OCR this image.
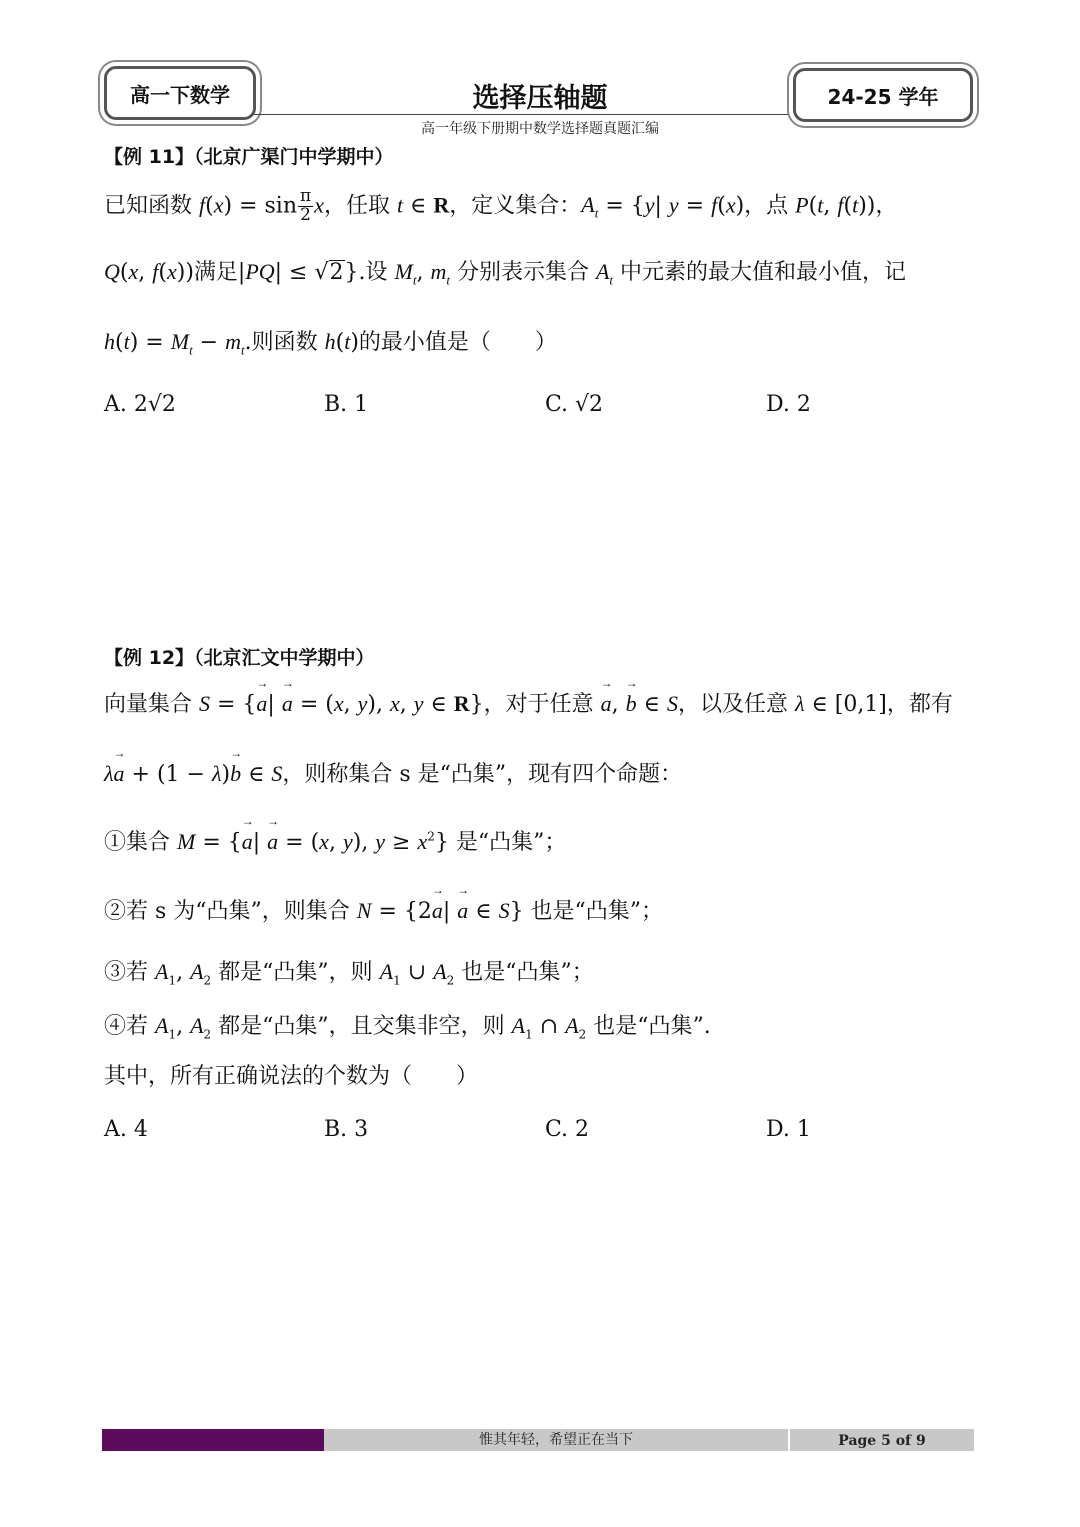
高一下数学	选择压轴题	24-25 学年
高一年级下册期中数学选择题真题汇编
【例 11】（北京广渠门中学期中）
已知函数 $f(x) = \sin \frac{\pi}{2}$ x，任取 t ∈ R，定义集合：$A_t = \{y|$ y = f(x)，点 P(t, f(t))，
Q(x, f(x))满足|PQ| ≤ √2}.设 $M_t$, $m_t$ 分别表示集合 $A_t$ 中元素的最大值和最小值，记
$h(t) = M_t - m_t$.则函数 h(t)的最小值是（　　）
A. 2√2	B. 1	C. √2	D. 2
【例 12】（北京汇文中学期中）
向量集合 S = {a →| a → = (x, y), x, y ∈ R}，对于任意 a →, b → ∈ S，以及任意 λ ∈ [0,1]，都有
λa → + (1 − λ)b → ∈ S，则称集合 s 是“凸集”，现有四个命题：
①集合 M = {a →| a → = (x, y), $y \ge x^2$} 是“凸集”；
②若 s 为“凸集”，则集合 N = {2a →| a → ∈ S} 也是“凸集”；
③若 $A_1$, $A_2$ 都是“凸集”，则 $A_1$ ∪ $A_2$ 也是“凸集”；
④若 $A_1$, $A_2$ 都是“凸集”，且交集非空，则 $A_1$ ∩ $A_2$ 也是“凸集”.
其中，所有正确说法的个数为（　　）
A. 4	B. 3	C. 2	D. 1
惟其年轻，希望正在当下	Page 5 of 9
